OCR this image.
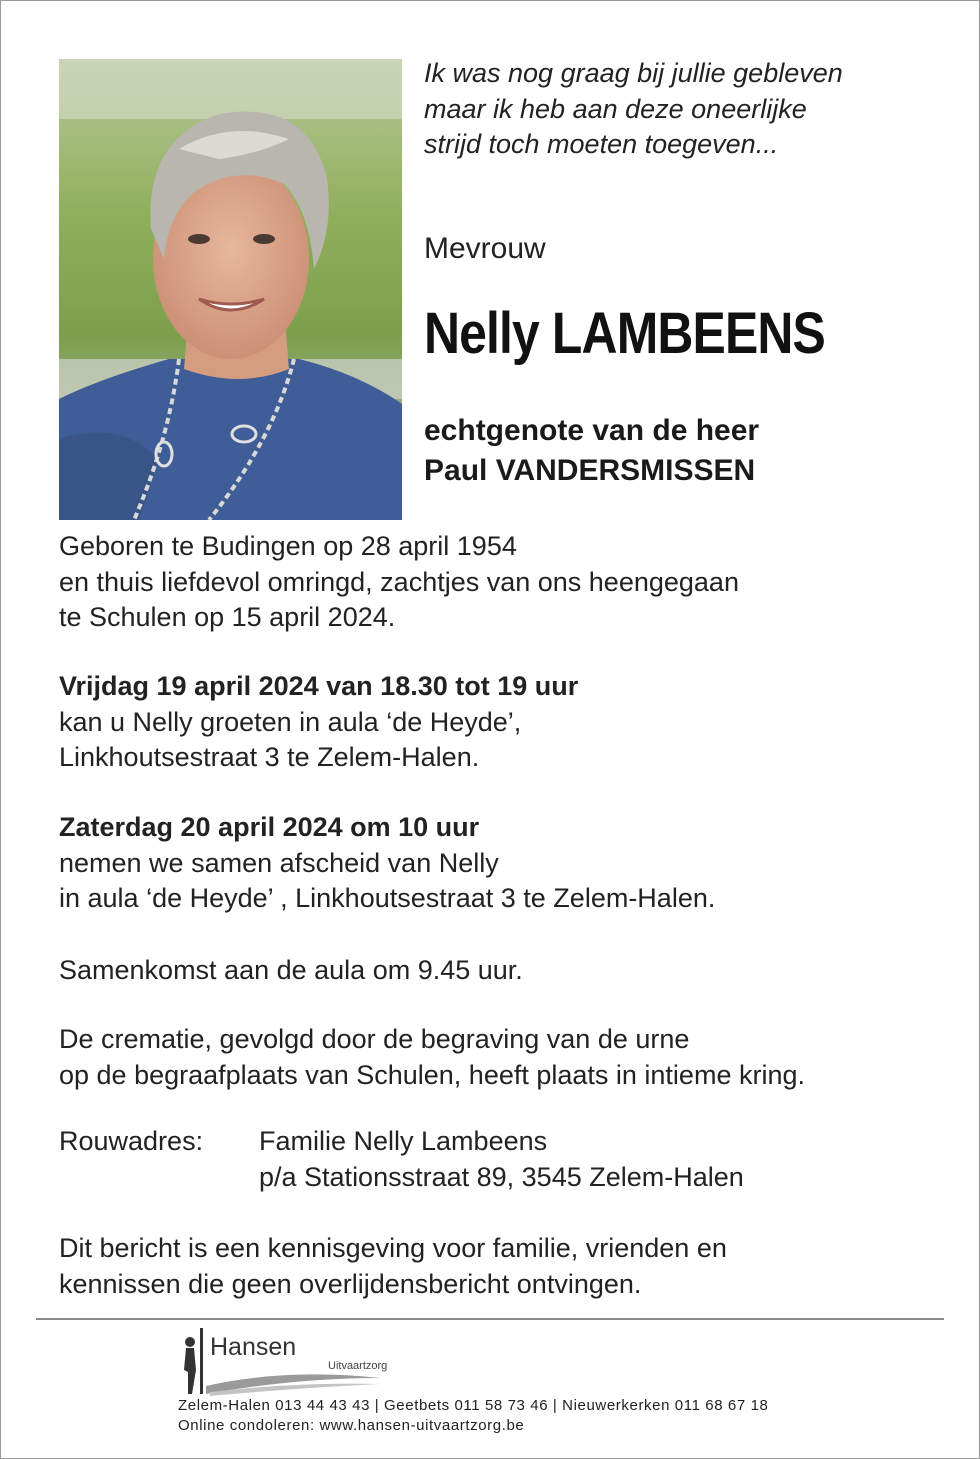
Ik was nog graag bij jullie gebleven
maar ik heb aan deze oneerlijke
strijd toch moeten toegeven...
Mevrouw
Nelly LAMBEENS
echtgenote van de heer
Paul VANDERSMISSEN
Geboren te Budingen op 28 april 1954
en thuis liefdevol omringd, zachtjes van ons heengegaan
te Schulen op 15 april 2024.
Vrijdag 19 april 2024 van 18.30 tot 19 uur
kan u Nelly groeten in aula ‘de Heyde’,
Linkhoutsestraat 3 te Zelem-Halen.
Zaterdag 20 april 2024 om 10 uur
nemen we samen afscheid van Nelly
in aula ‘de Heyde’ , Linkhoutsestraat 3 te Zelem-Halen.
Samenkomst aan de aula om 9.45 uur.
De crematie, gevolgd door de begraving van de urne
op de begraafplaats van Schulen, heeft plaats in intieme kring.
Rouwadres: Familie Nelly Lambeens
p/a Stationsstraat 89, 3545 Zelem-Halen
Dit bericht is een kennisgeving voor familie, vrienden en
kennissen die geen overlijdensbericht ontvingen.
Hansen
Uitvaartzorg
Zelem-Halen 013 44 43 43 | Geetbets 011 58 73 46 | Nieuwerkerken 011 68 67 18
Online condoleren: www.hansen-uitvaartzorg.be
